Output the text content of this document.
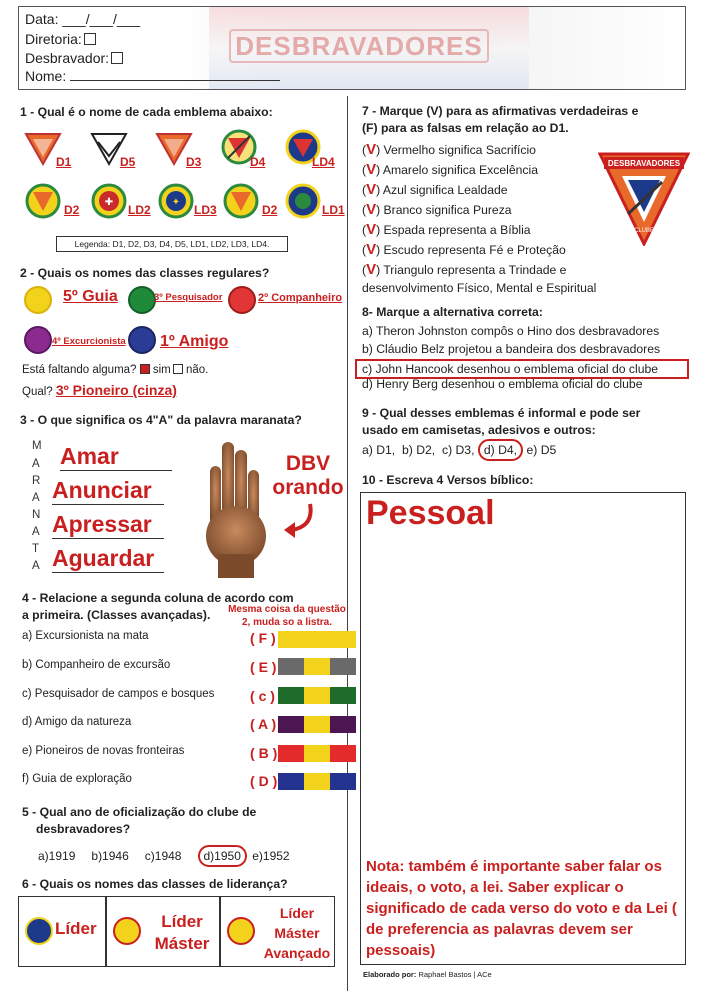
DESBRAVADORES
Data: ___/___/___
Diretoria:
Desbravador:
Nome:
1 - Qual é o nome de cada emblema abaixo:
D1	D5	D3	D4	LD4
D2
✚
LD2
✦
LD3	D2	LD1
Legenda: D1, D2, D3, D4, D5, LD1, LD2, LD3, LD4.
2 - Quais os nomes das classes regulares?
5º Guia	3º Pesquisador	2º Companheiro
4º Excurcionista 1º Amigo
Está faltando alguma? sim não.
Qual? 3º Pioneiro (cinza)
3 - O que significa os 4"A" da palavra maranata?
M
A
R
A
N
A
T
A
Amar
Anunciar
Apressar
Aguardar
DBV orando
4 - Relacione a segunda coluna de acordo com
a primeira. (Classes avançadas).	Mesma coisa da questão
2, muda so a listra.
a) Excursionista na mata	( F )
b) Companheiro de excursão	( E )
c) Pesquisador de campos e bosques	( c )
d) Amigo da natureza	( A )
e) Pioneiros de novas fronteiras	( B )
f) Guia de exploração	( D )
5 - Qual ano de oficialização do clube de
desbravadores?
a)1919 b)1946 c)1948 d)1950 e)1952
6 - Quais os nomes das classes de liderança?
Líder	Líder Máster
Líder Máster Avançado
7 - Marque (V) para as afirmativas verdadeiras e
(F) para as falsas em relação ao D1.
(V) Vermelho significa Sacrifício
(V) Amarelo significa Excelência
(V) Azul significa Lealdade
(V) Branco significa Pureza
(V) Espada representa a Bíblia
(V) Escudo representa Fé e Proteção
(V) Triangulo representa a Trindade e
desenvolvimento Físico, Mental e Espiritual
DESBRAVADORES
CLUBE
8- Marque a alternativa correta:
a) Theron Johnston compôs o Hino dos desbravadores
b) Cláudio Belz projetou a bandeira dos desbravadores
c) John Hancook desenhou o emblema oficial do clube
d) Henry Berg desenhou o emblema oficial do clube
9 - Qual desses emblemas é informal e pode ser
usado em camisetas, adesivos e outros:
a) D1, b) D2, c) D3, d) D4, e) D5
10 - Escreva 4 Versos bíblico:
Pessoal
Nota: também é importante saber falar os ideais, o voto, a lei. Saber explicar o significado de cada verso do voto e da Lei ( de preferencia as palavras devem ser pessoais)
Elaborado por: Raphael Bastos | ACe
